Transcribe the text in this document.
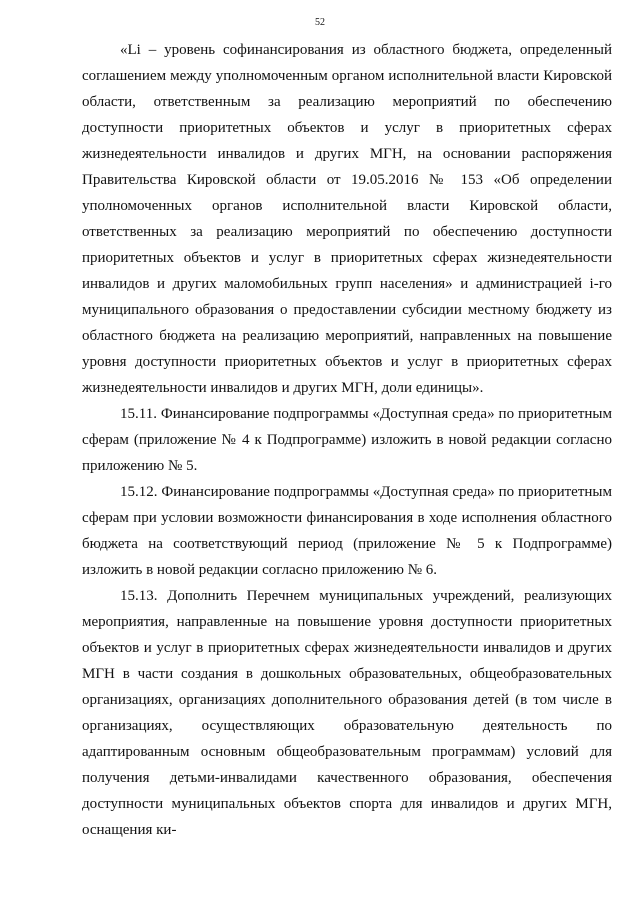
52

«Li – уровень софинансирования из областного бюджета, определенный соглашением между уполномоченным органом исполнительной власти Кировской области, ответственным за реализацию мероприятий по обеспечению доступности приоритетных объектов и услуг в приоритетных сферах жизнедеятельности инвалидов и других МГН, на основании распоряжения Правительства Кировской области от 19.05.2016 № 153 «Об определении уполномоченных органов исполнительной власти Кировской области, ответственных за реализацию мероприятий по обеспечению доступности приоритетных объектов и услуг в приоритетных сферах жизнедеятельности инвалидов и других маломобильных групп населения» и администрацией i-го муниципального образования о предоставлении субсидии местному бюджету из областного бюджета на реализацию мероприятий, направленных на повышение уровня доступности приоритетных объектов и услуг в приоритетных сферах жизнедеятельности инвалидов и других МГН, доли единицы».

15.11. Финансирование подпрограммы «Доступная среда» по приоритетным сферам (приложение № 4 к Подпрограмме) изложить в новой редакции согласно приложению № 5.

15.12. Финансирование подпрограммы «Доступная среда» по приоритетным сферам при условии возможности финансирования в ходе исполнения областного бюджета на соответствующий период (приложение № 5 к Подпрограмме) изложить в новой редакции согласно приложению № 6.

15.13. Дополнить Перечнем муниципальных учреждений, реализующих мероприятия, направленные на повышение уровня доступности приоритетных объектов и услуг в приоритетных сферах жизнедеятельности инвалидов и других МГН в части создания в дошкольных образовательных, общеобразовательных организациях, организациях дополнительного образования детей (в том числе в организациях, осуществляющих образовательную деятельность по адаптированным основным общеобразовательным программам) условий для получения детьми-инвалидами качественного образования, обеспечения доступности муниципальных объектов спорта для инвалидов и других МГН, оснащения ки-
